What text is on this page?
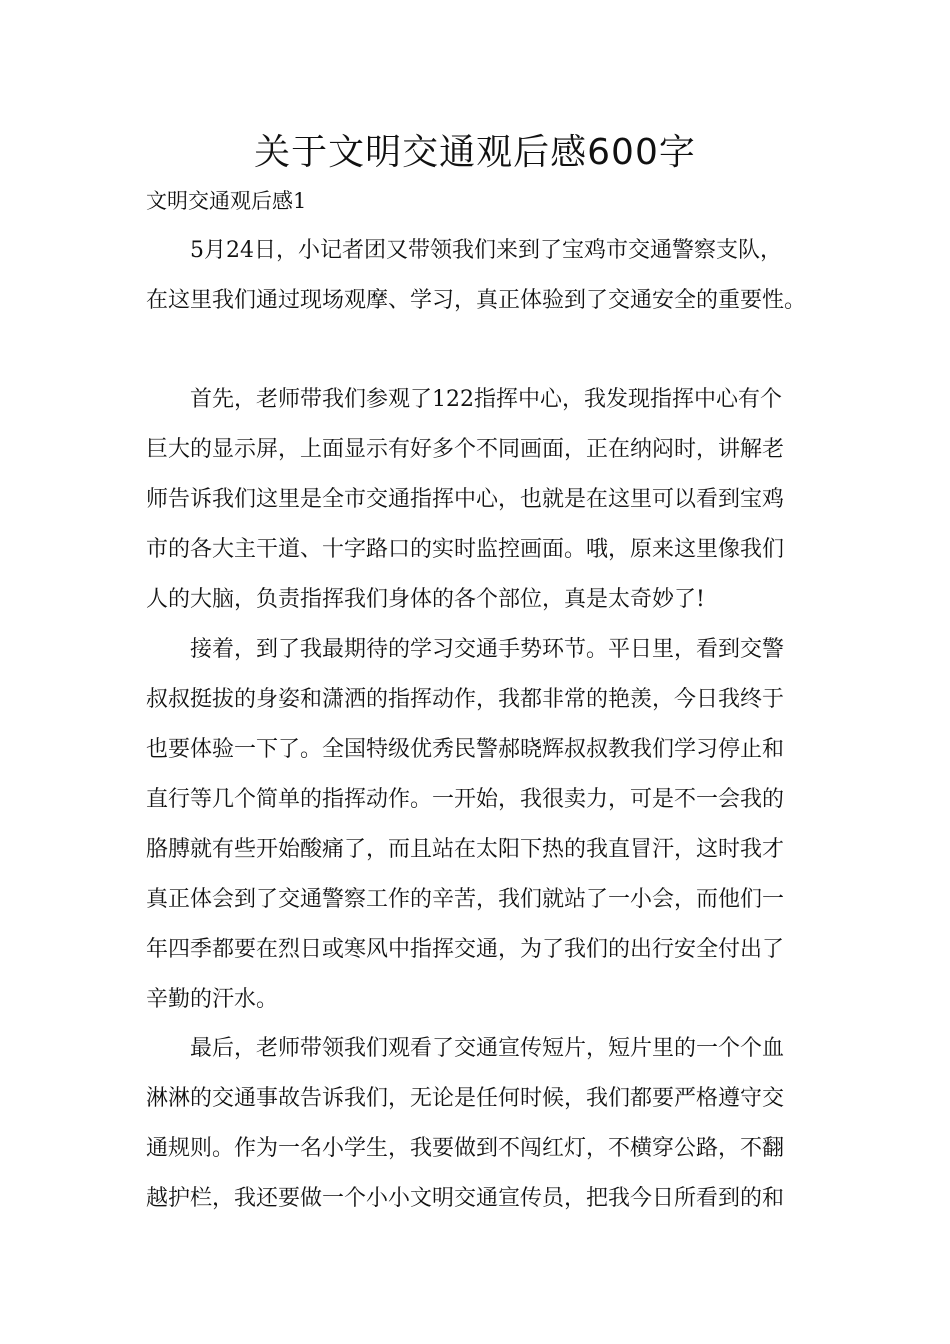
关于文明交通观后感600字

文明交通观后感1

5月24日，小记者团又带领我们来到了宝鸡市交通警察支队，

在这里我们通过现场观摩、学习，真正体验到了交通安全的重要性。

首先，老师带我们参观了122指挥中心，我发现指挥中心有个

巨大的显示屏，上面显示有好多个不同画面，正在纳闷时，讲解老

师告诉我们这里是全市交通指挥中心，也就是在这里可以看到宝鸡

市的各大主干道、十字路口的实时监控画面。哦，原来这里像我们

人的大脑，负责指挥我们身体的各个部位，真是太奇妙了!

接着，到了我最期待的学习交通手势环节。平日里，看到交警

叔叔挺拔的身姿和潇洒的指挥动作，我都非常的艳羡，今日我终于

也要体验一下了。全国特级优秀民警郝晓辉叔叔教我们学习停止和

直行等几个简单的指挥动作。一开始，我很卖力，可是不一会我的

胳膊就有些开始酸痛了，而且站在太阳下热的我直冒汗，这时我才

真正体会到了交通警察工作的辛苦，我们就站了一小会，而他们一

年四季都要在烈日或寒风中指挥交通，为了我们的出行安全付出了

辛勤的汗水。

最后，老师带领我们观看了交通宣传短片，短片里的一个个血

淋淋的交通事故告诉我们，无论是任何时候，我们都要严格遵守交

通规则。作为一名小学生，我要做到不闯红灯，不横穿公路，不翻

越护栏，我还要做一个小小文明交通宣传员，把我今日所看到的和
